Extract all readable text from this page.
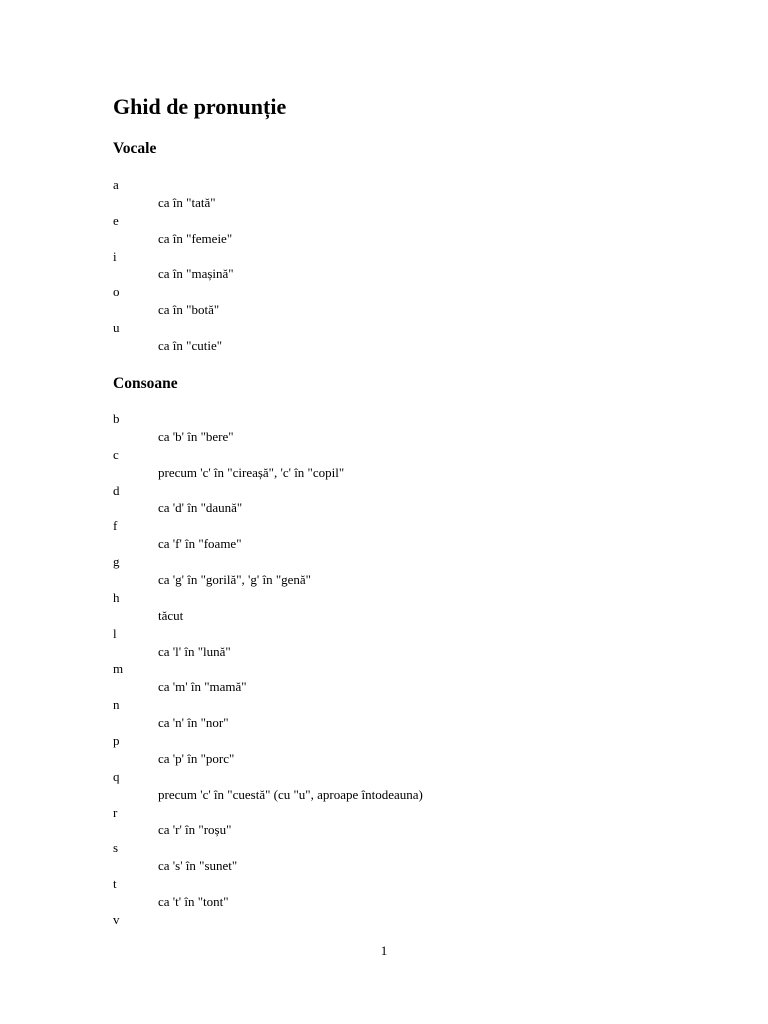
Ghid de pronunție
Vocale
a
ca în "tată"
e
ca în "femeie"
i
ca în "mașină"
o
ca în "botă"
u
ca în "cutie"
Consoane
b
ca 'b' în "bere"
c
precum 'c' în "cireașă", 'c' în "copil"
d
ca 'd' în "daună"
f
ca 'f' în "foame"
g
ca 'g' în "gorilă", 'g' în "genă"
h
tăcut
l
ca 'l' în "lună"
m
ca 'm' în "mamă"
n
ca 'n' în "nor"
p
ca 'p' în "porc"
q
precum 'c' în "cuestă" (cu "u", aproape întodeauna)
r
ca 'r' în "roșu"
s
ca 's' în "sunet"
t
ca 't' în "tont"
v
1
